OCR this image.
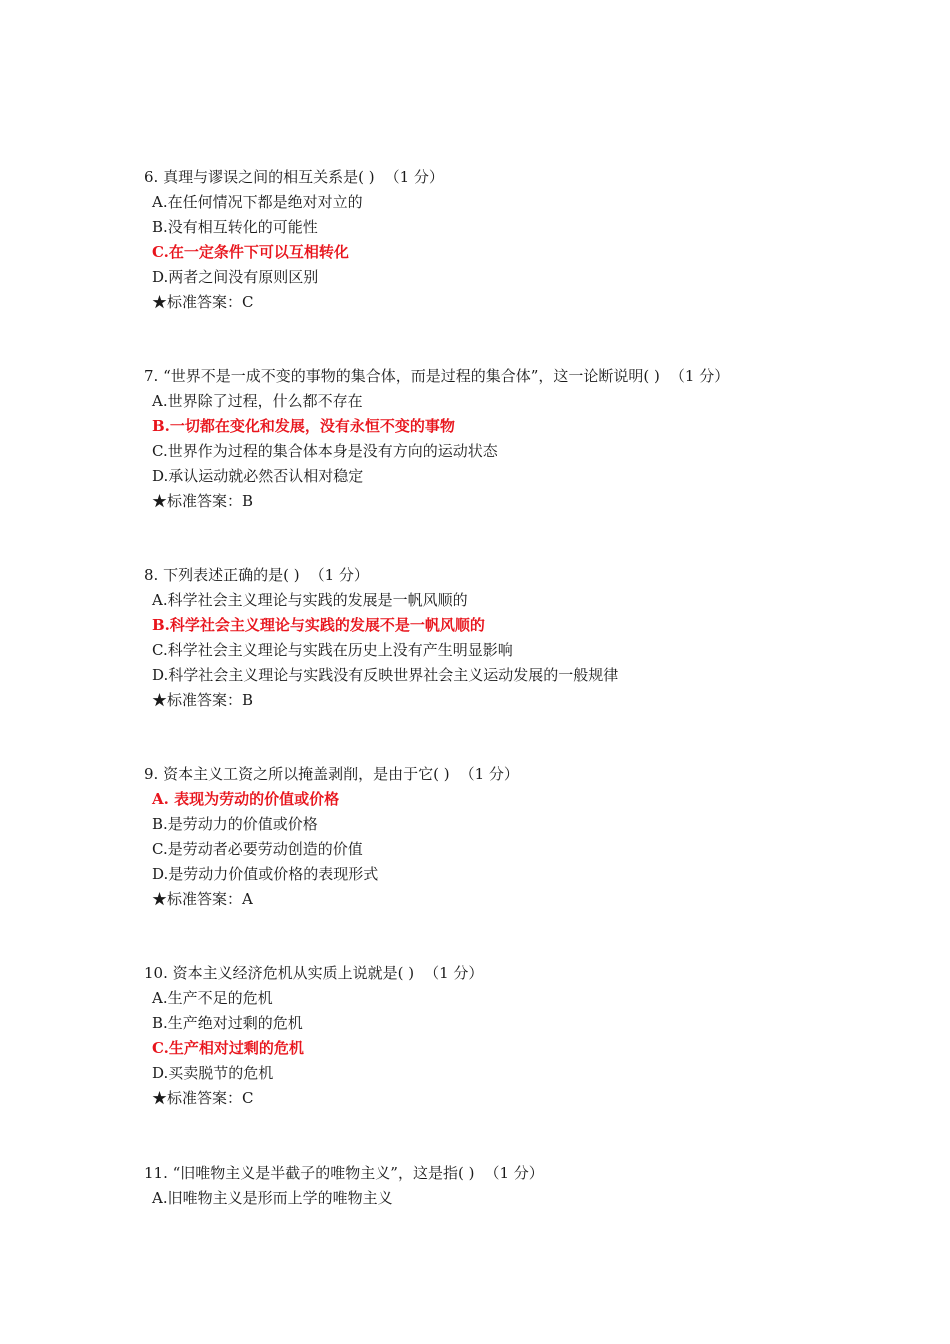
6. 真理与谬误之间的相互关系是( ) （1 分）
A.在任何情况下都是绝对对立的
B.没有相互转化的可能性
C.在一定条件下可以互相转化
D.两者之间没有原则区别
★标准答案：C
7. “世界不是一成不变的事物的集合体，而是过程的集合体”，这一论断说明( ) （1 分）
A.世界除了过程，什么都不存在
B.一切都在变化和发展，没有永恒不变的事物
C.世界作为过程的集合体本身是没有方向的运动状态
D.承认运动就必然否认相对稳定
★标准答案：B
8. 下列表述正确的是( ) （1 分）
A.科学社会主义理论与实践的发展是一帆风顺的
B.科学社会主义理论与实践的发展不是一帆风顺的
C.科学社会主义理论与实践在历史上没有产生明显影响
D.科学社会主义理论与实践没有反映世界社会主义运动发展的一般规律
★标准答案：B
9. 资本主义工资之所以掩盖剥削，是由于它( ) （1 分）
A. 表现为劳动的价值或价格
B.是劳动力的价值或价格
C.是劳动者必要劳动创造的价值
D.是劳动力价值或价格的表现形式
★标准答案：A
10. 资本主义经济危机从实质上说就是( ) （1 分）
A.生产不足的危机
B.生产绝对过剩的危机
C.生产相对过剩的危机
D.买卖脱节的危机
★标准答案：C
11. “旧唯物主义是半截子的唯物主义”，这是指( ) （1 分）
A.旧唯物主义是形而上学的唯物主义
